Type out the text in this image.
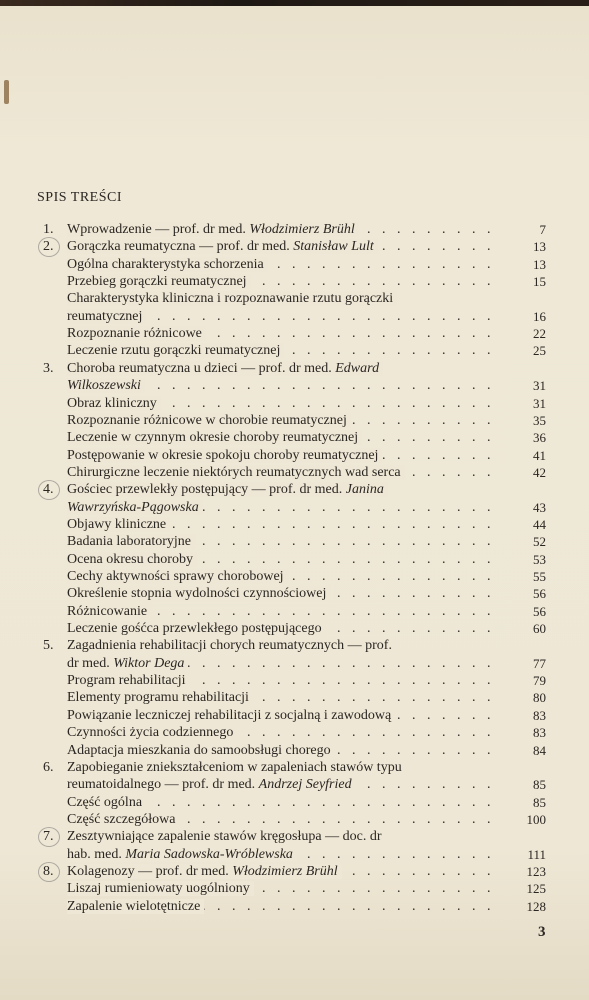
SPIS TREŚCI
1. Wprowadzenie — prof. dr med. Włodzimierz Brühl . . .	7
2. Gorączka reumatyczna — prof. dr med. Stanisław Lult . . .	13
Ogólna charakterystyka schorzenia . . .	13
Przebieg gorączki reumatycznej . . .	15
Charakterystyka kliniczna i rozpoznawanie rzutu gorączki
reumatycznej . . .	16
Rozpoznanie różnicowe . . .	22
Leczenie rzutu gorączki reumatycznej . . .	25
3. Choroba reumatyczna u dzieci — prof. dr med. Edward
Wilkoszewski . . .	31
Obraz kliniczny . . .	31
Rozpoznanie różnicowe w chorobie reumatycznej . . .	35
Leczenie w czynnym okresie choroby reumatycznej . . .	36
Postępowanie w okresie spokoju choroby reumatycznej . . .	41
Chirurgiczne leczenie niektórych reumatycznych wad serca . . .	42
4. Gościec przewlekły postępujący — prof. dr med. Janina
Wawrzyńska-Pągowska . . .	43
Objawy kliniczne . . .	44
Badania laboratoryjne . . .	52
Ocena okresu choroby . . .	53
Cechy aktywności sprawy chorobowej . . .	55
Określenie stopnia wydolności czynnościowej . . .	56
Różnicowanie . . .	56
Leczenie gośćca przewlekłego postępującego . . .	60
5. Zagadnienia rehabilitacji chorych reumatycznych — prof.
dr med. Wiktor Dega . . .	77
Program rehabilitacji . . .	79
Elementy programu rehabilitacji . . .	80
Powiązanie leczniczej rehabilitacji z socjalną i zawodową . . .	83
Czynności życia codziennego . . .	83
Adaptacja mieszkania do samoobsługi chorego . . .	84
6. Zapobieganie zniekształceniom w zapaleniach stawów typu
reumatoidalnego — prof. dr med. Andrzej Seyfried . . .	85
Część ogólna . . .	85
Część szczegółowa . . .	100
7. Zesztywniające zapalenie stawów kręgosłupa — doc. dr
hab. med. Maria Sadowska-Wróblewska . . .	111
8. Kolagenozy — prof. dr med. Włodzimierz Brühl . . .	123
Liszaj rumieniowaty uogólniony . . .	125
Zapalenie wielotętnicze . . .	128
3
